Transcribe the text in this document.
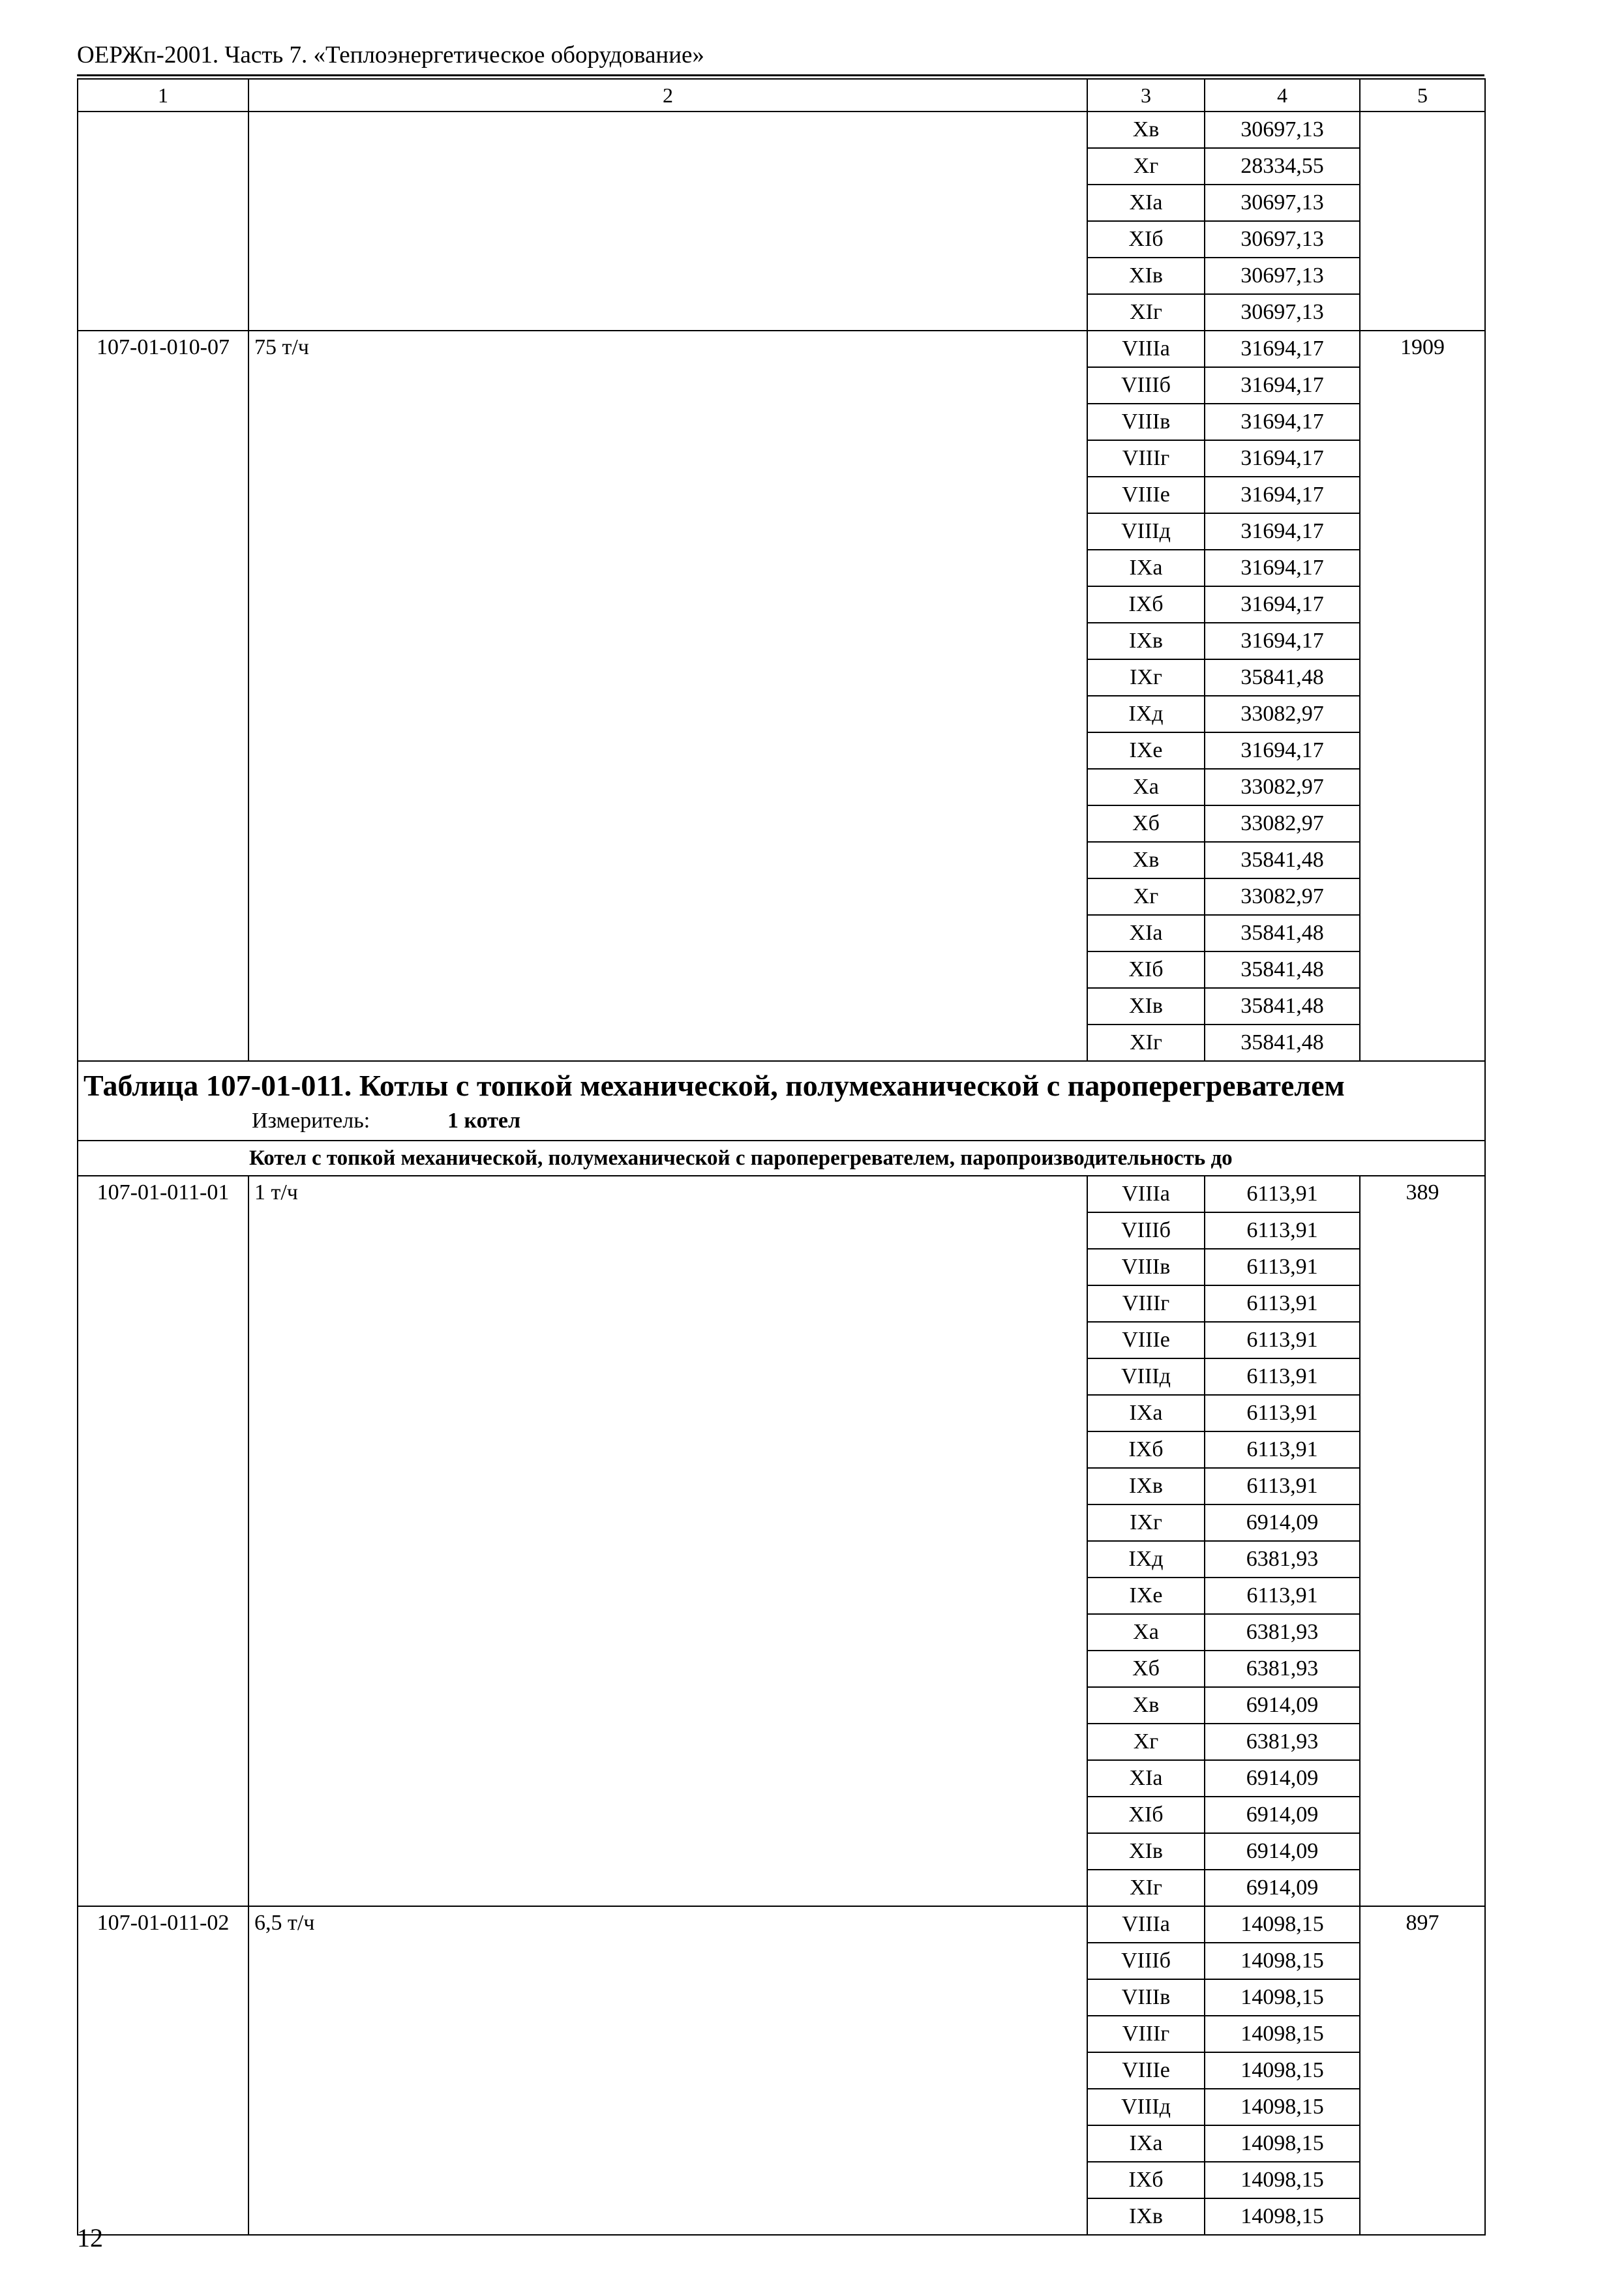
ОЕРЖп-2001. Часть 7. «Теплоэнергетическое оборудование»
1	2	3	4	5
		Xв	30697,13	
		Xг	28334,55	
		XIа	30697,13	
		XIб	30697,13	
		XIв	30697,13	
		XIг	30697,13	
107-01-010-07	75 т/ч	VIIIа	31694,17	1909
		VIIIб	31694,17	
		VIIIв	31694,17	
		VIIIг	31694,17	
		VIIIе	31694,17	
		VIIIд	31694,17	
		IXа	31694,17	
		IXб	31694,17	
		IXв	31694,17	
		IXг	35841,48	
		IXд	33082,97	
		IXе	31694,17	
		Xа	33082,97	
		Xб	33082,97	
		Xв	35841,48	
		Xг	33082,97	
		XIа	35841,48	
		XIб	35841,48	
		XIв	35841,48	
		XIг	35841,48	

Таблица 107-01-011. Котлы с топкой механической, полумеханической с пароперегревателем
Измеритель: 1 котел				

Котел с топкой механической, полумеханической с пароперегревателем, паропроизводительность до				
107-01-011-01	1 т/ч	VIIIа	6113,91	389
		VIIIб	6113,91	
		VIIIв	6113,91	
		VIIIг	6113,91	
		VIIIе	6113,91	
		VIIIд	6113,91	
		IXа	6113,91	
		IXб	6113,91	
		IXв	6113,91	
		IXг	6914,09	
		IXд	6381,93	
		IXе	6113,91	
		Xа	6381,93	
		Xб	6381,93	
		Xв	6914,09	
		Xг	6381,93	
		XIа	6914,09	
		XIб	6914,09	
		XIв	6914,09	
		XIг	6914,09	
107-01-011-02	6,5 т/ч	VIIIа	14098,15	897
		VIIIб	14098,15	
		VIIIв	14098,15	
		VIIIг	14098,15	
		VIIIе	14098,15	
		VIIIд	14098,15	
		IXа	14098,15	
		IXб	14098,15	
		IXв	14098,15	
12
